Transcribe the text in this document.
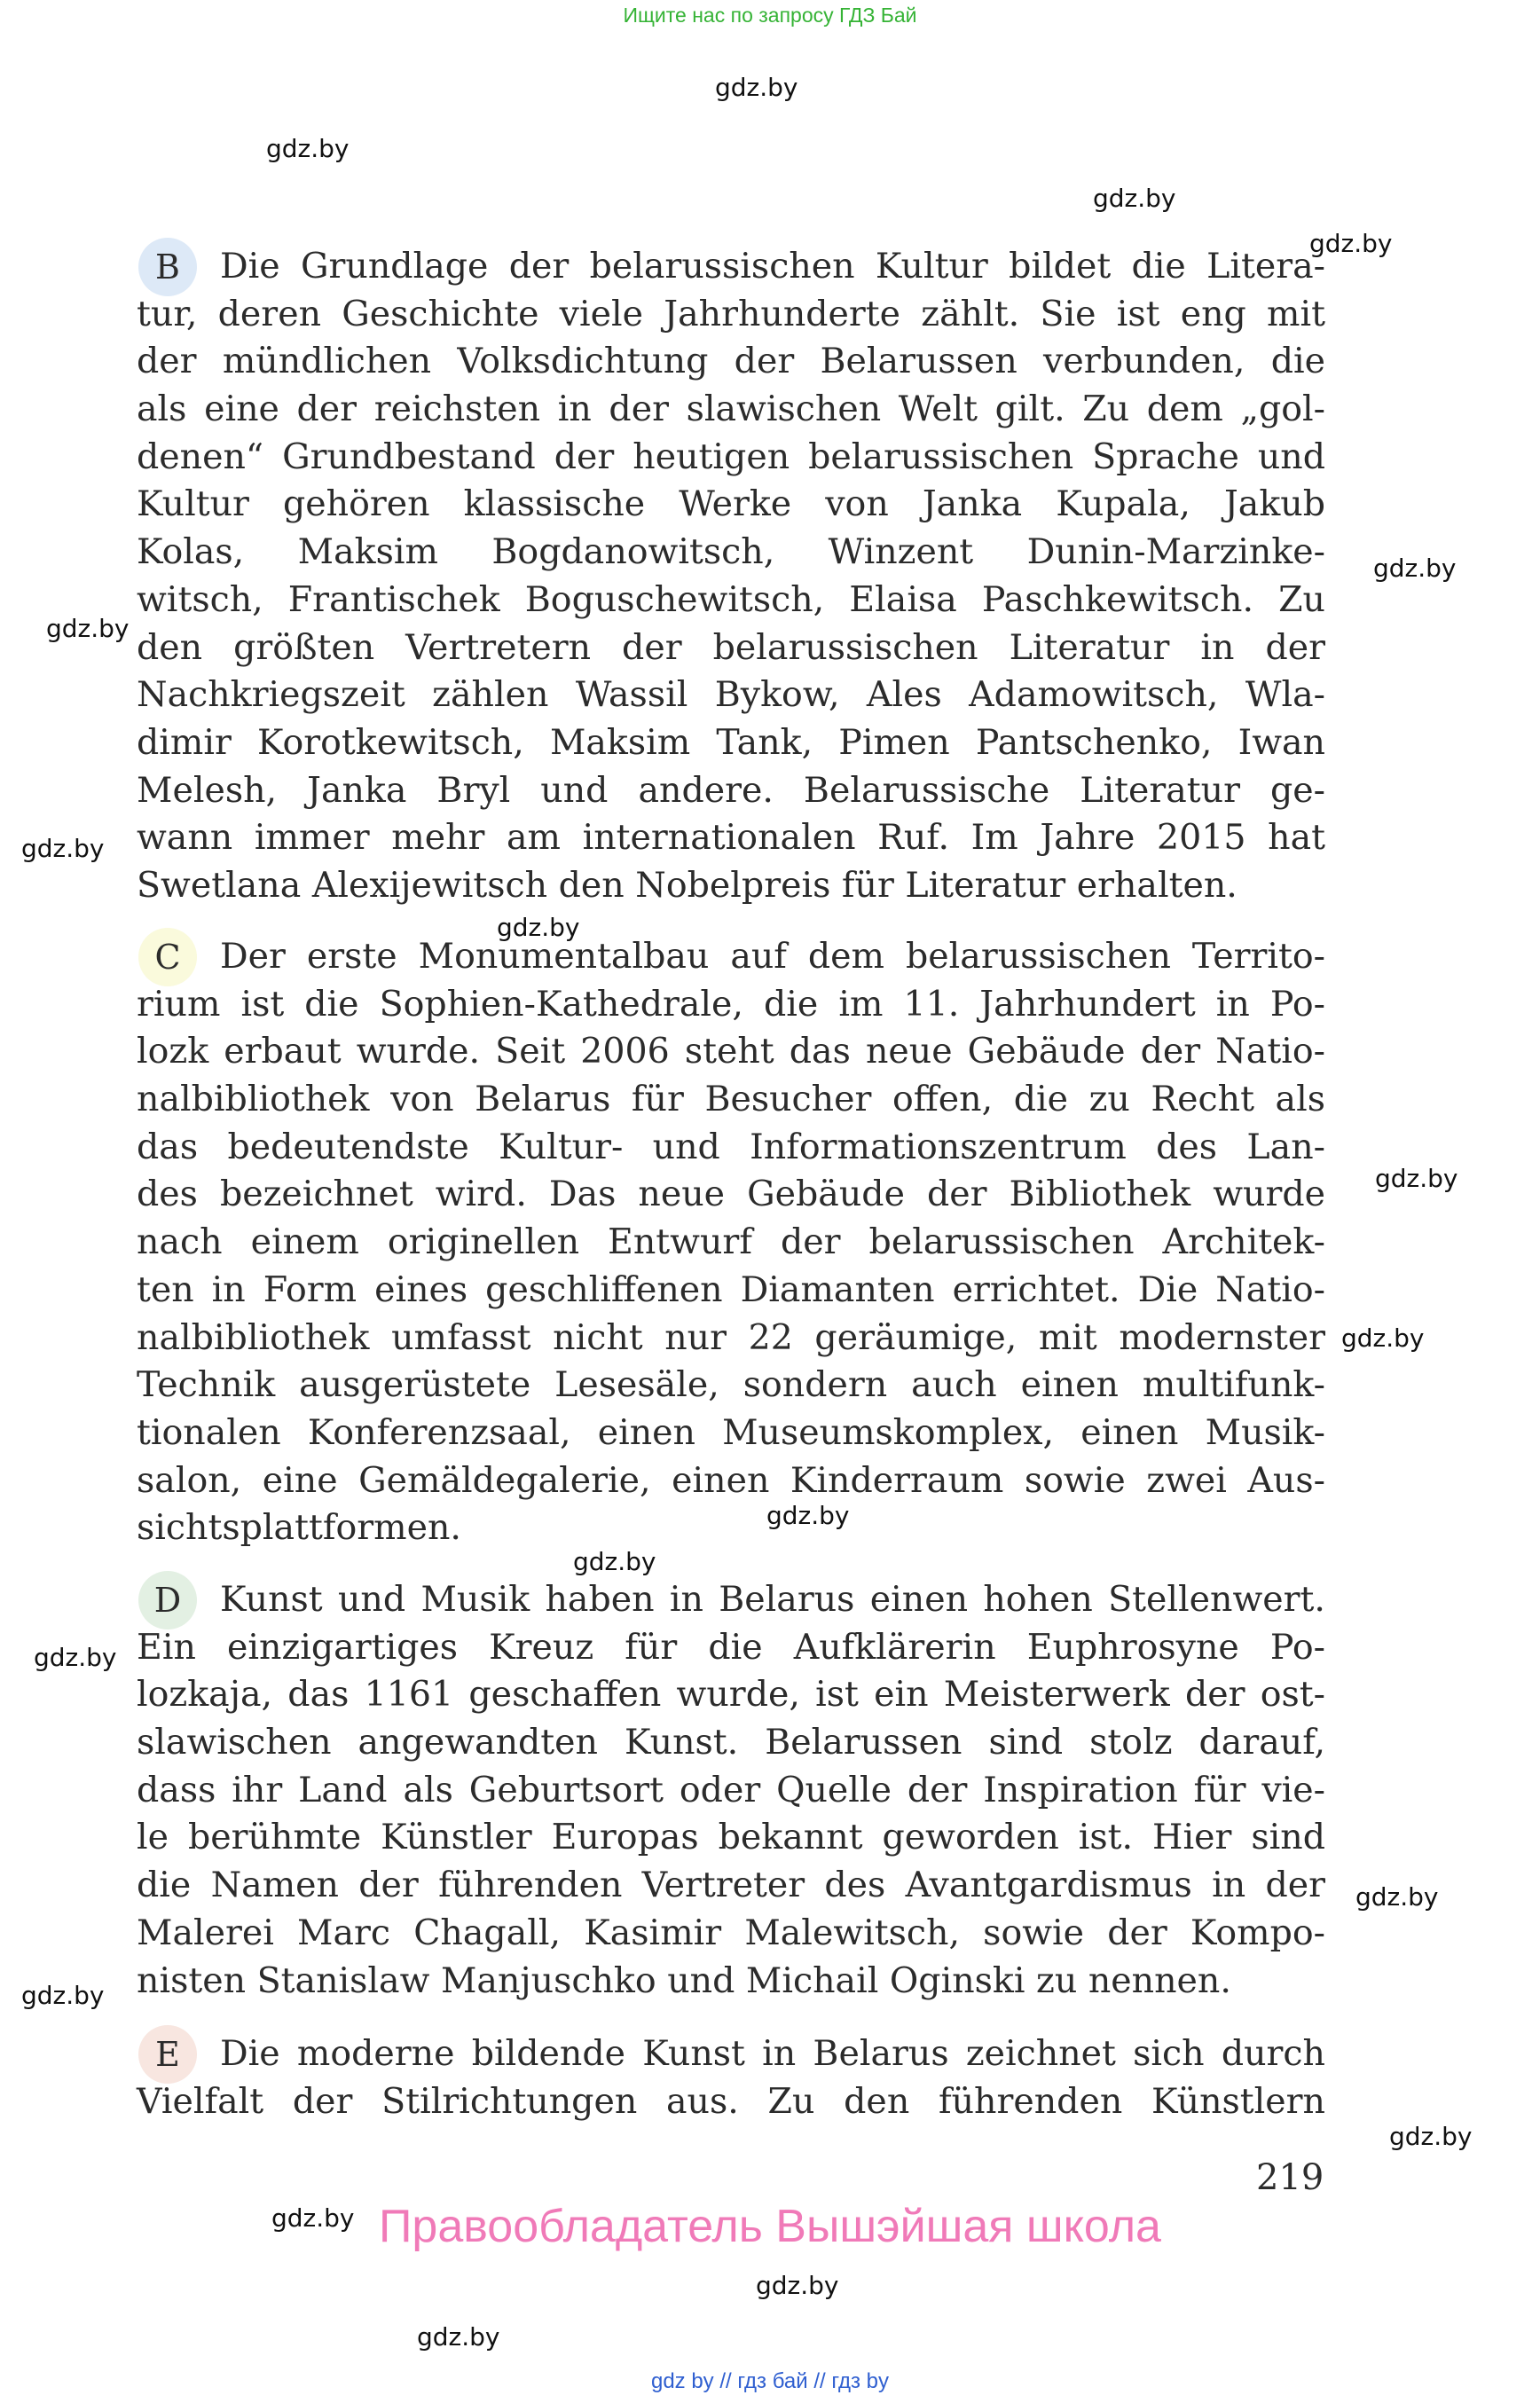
Ищите нас по запросу ГДЗ Бай
gdz.by
gdz.by
gdz.by
gdz.by
gdz.by
gdz.by
gdz.by
gdz.by
gdz.by
gdz.by
gdz.by
gdz.by
gdz.by
gdz.by
gdz.by
gdz.by
gdz.by
gdz.by
gdz.by
B	Die Grundlage der belarussischen Kultur bildet die Litera-
tur, deren Geschichte viele Jahrhunderte zählt. Sie ist eng mit
der mündlichen Volksdichtung der Belarussen verbunden, die
als eine der reichsten in der slawischen Welt gilt. Zu dem „gol-
denen“ Grundbestand der heutigen belarussischen Sprache und
Kultur gehören klassische Werke von Janka Kupala, Jakub
Kolas, Maksim Bogdanowitsch, Winzent Dunin-Marzinke-
witsch, Frantischek Boguschewitsch, Elaisa Paschkewitsch. Zu
den größten Vertretern der belarussischen Literatur in der
Nachkriegszeit zählen Wassil Bykow, Ales Adamowitsch, Wla-
dimir Korotkewitsch, Maksim Tank, Pimen Pantschenko, Iwan
Melesh, Janka Bryl und andere. Belarussische Literatur ge-
wann immer mehr am internationalen Ruf. Im Jahre 2015 hat
Swetlana Alexijewitsch den Nobelpreis für Literatur erhalten.
C	Der erste Monumentalbau auf dem belarussischen Territo-
rium ist die Sophien-Kathedrale, die im 11. Jahrhundert in Po-
lozk erbaut wurde. Seit 2006 steht das neue Gebäude der Natio-
nalbibliothek von Belarus für Besucher offen, die zu Recht als
das bedeutendste Kultur- und Informationszentrum des Lan-
des bezeichnet wird. Das neue Gebäude der Bibliothek wurde
nach einem originellen Entwurf der belarussischen Architek-
ten in Form eines geschliffenen Diamanten errichtet. Die Natio-
nalbibliothek umfasst nicht nur 22 geräumige, mit modernster
Technik ausgerüstete Lesesäle, sondern auch einen multifunk-
tionalen Konferenzsaal, einen Museumskomplex, einen Musik-
salon, eine Gemäldegalerie, einen Kinderraum sowie zwei Aus-
sichtsplattformen.
D	Kunst und Musik haben in Belarus einen hohen Stellenwert.
Ein einzigartiges Kreuz für die Aufklärerin Euphrosyne Po-
lozkaja, das 1161 geschaffen wurde, ist ein Meisterwerk der ost-
slawischen angewandten Kunst. Belarussen sind stolz darauf,
dass ihr Land als Geburtsort oder Quelle der Inspiration für vie-
le berühmte Künstler Europas bekannt geworden ist. Hier sind
die Namen der führenden Vertreter des Avantgardismus in der
Malerei Marc Chagall, Kasimir Malewitsch, sowie der Kompo-
nisten Stanislaw Manjuschko und Michail Oginski zu nennen.
E	Die moderne bildende Kunst in Belarus zeichnet sich durch
Vielfalt der Stilrichtungen aus. Zu den führenden Künstlern
219
Правообладатель Вышэйшая школа
gdz by // гдз бай // гдз by
